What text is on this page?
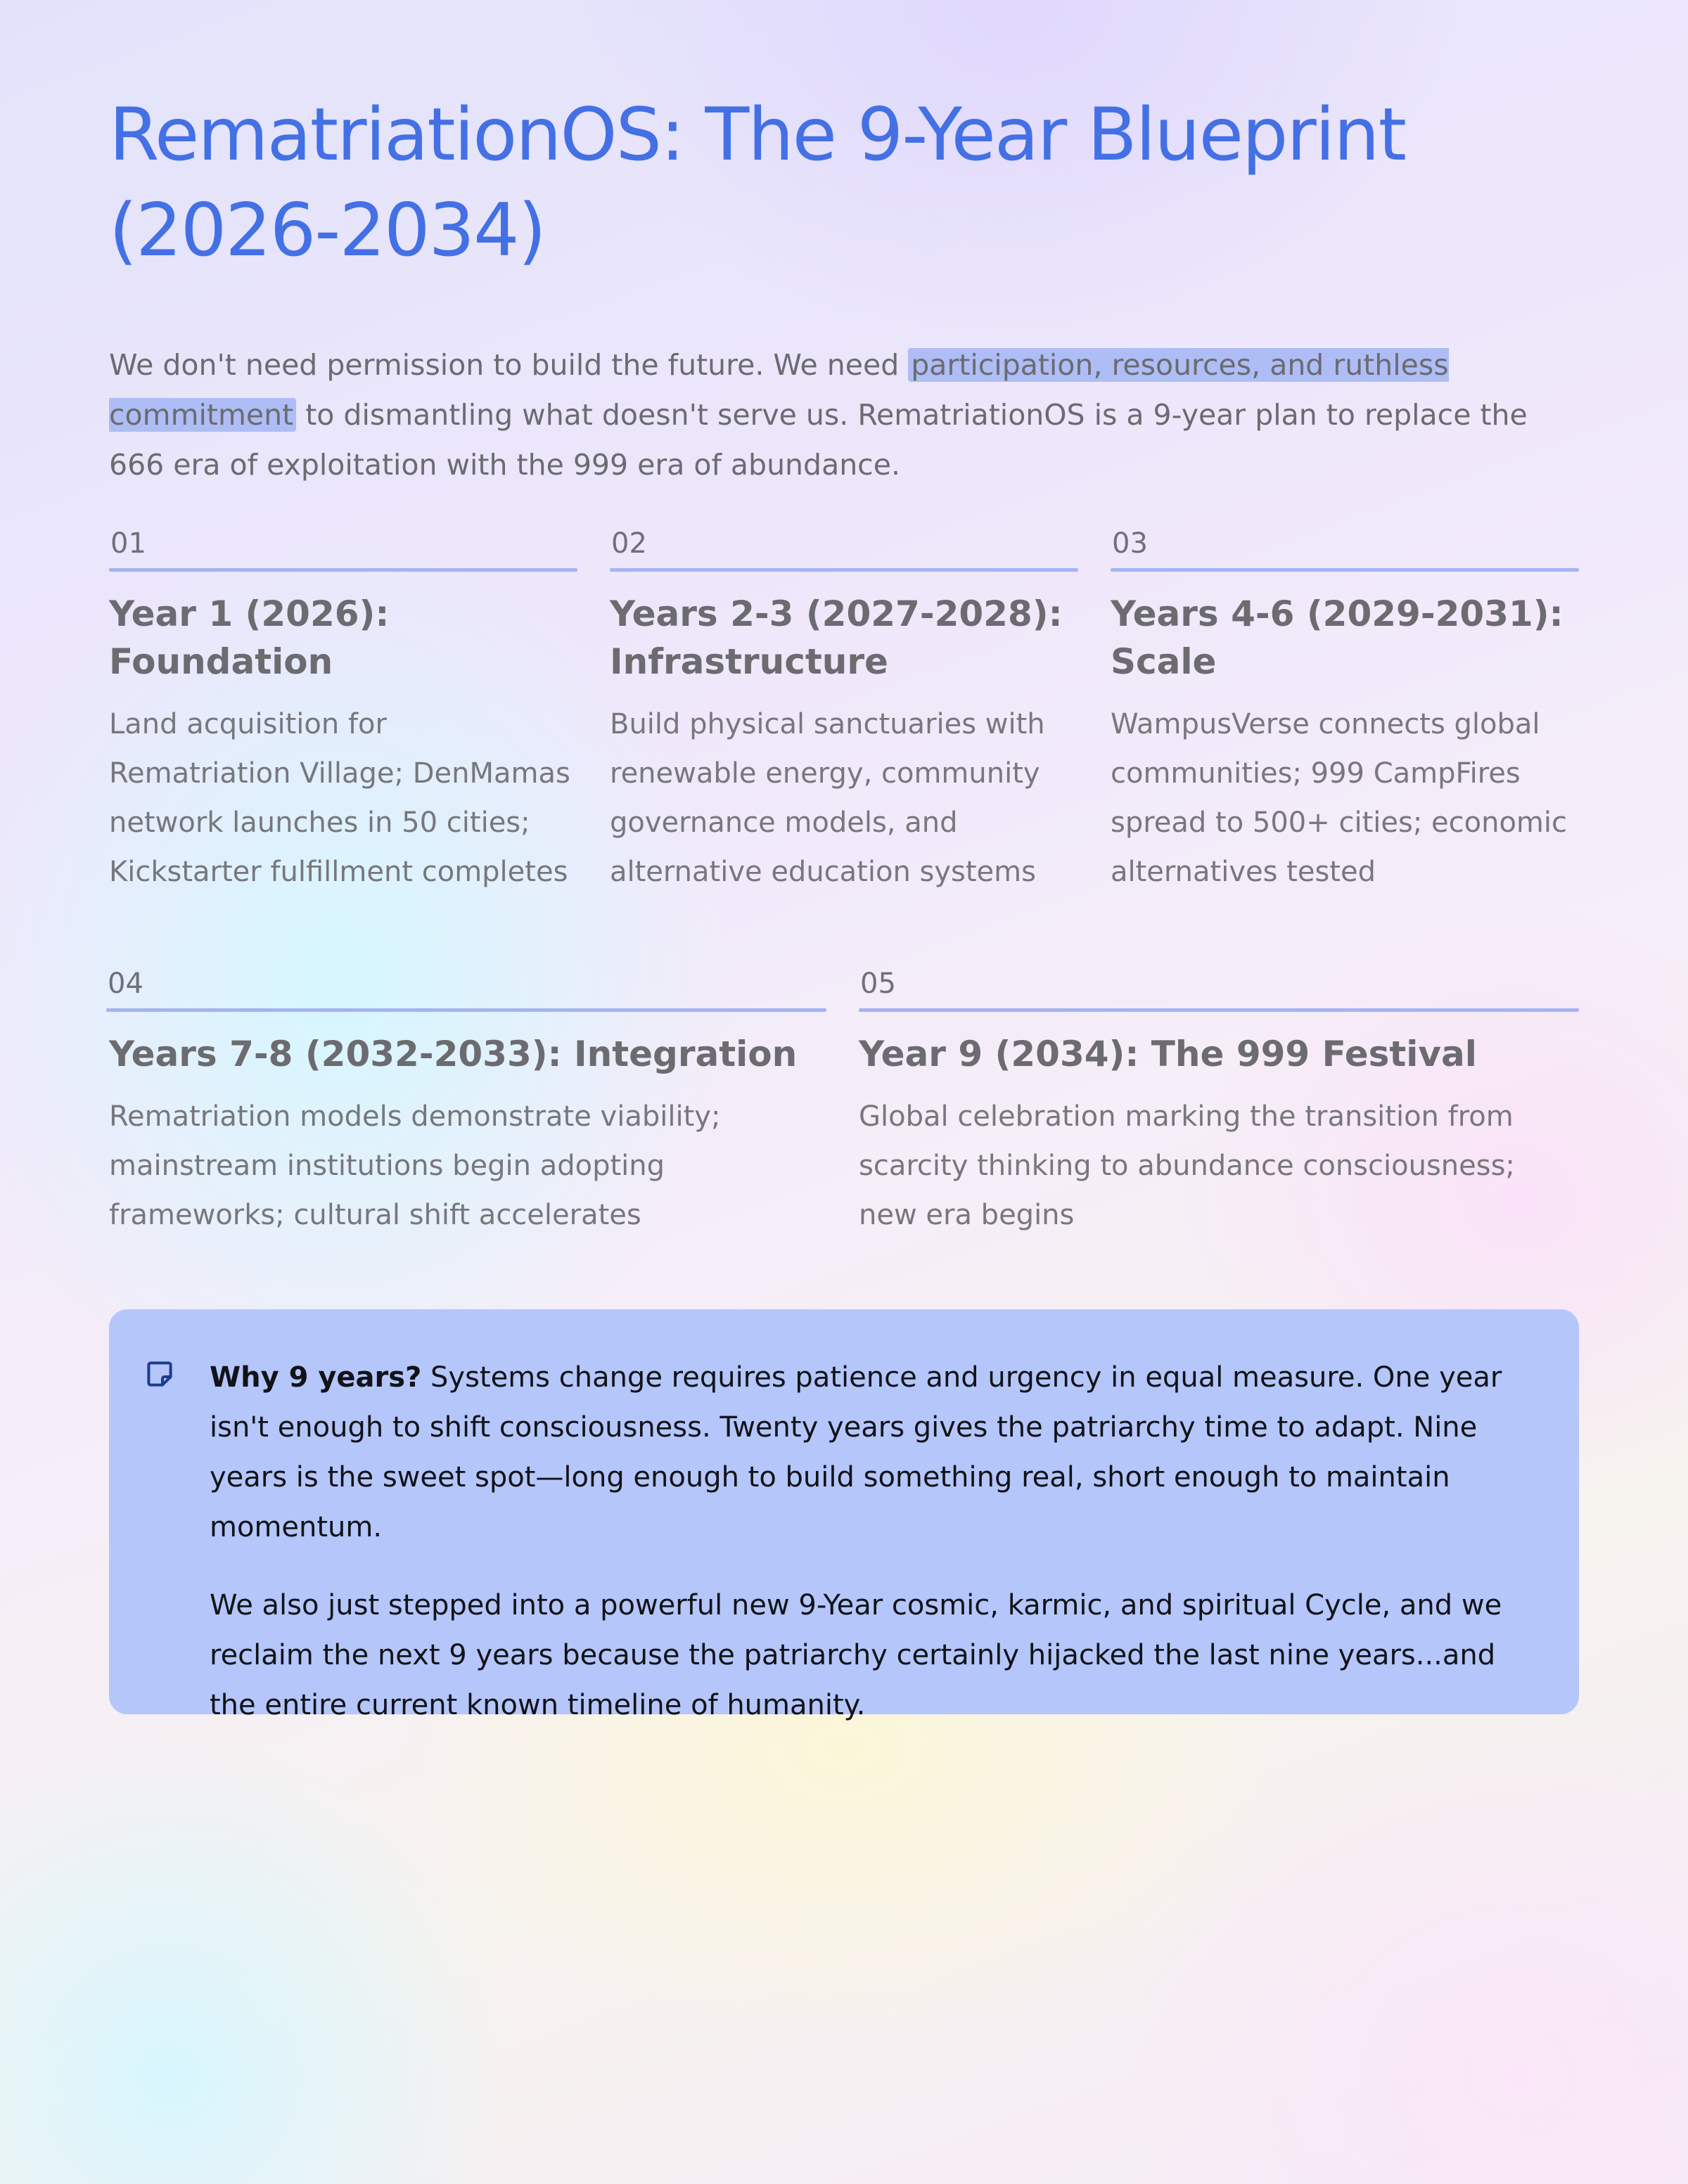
RematriationOS: The 9-Year Blueprint (2026-2034)
We don't need permission to build the future. We need participation, resources, and ruthless commitment to dismantling what doesn't serve us. RematriationOS is a 9-year plan to replace the 666 era of exploitation with the 999 era of abundance.
01
Year 1 (2026): Foundation
Land acquisition for Rematriation Village; DenMamas network launches in 50 cities; Kickstarter fulfillment completes
02
Years 2-3 (2027-2028): Infrastructure
Build physical sanctuaries with renewable energy, community governance models, and alternative education systems
03
Years 4-6 (2029-2031): Scale
WampusVerse connects global communities; 999 CampFires spread to 500+ cities; economic alternatives tested
04
Years 7-8 (2032-2033): Integration
Rematriation models demonstrate viability; mainstream institutions begin adopting frameworks; cultural shift accelerates
05
Year 9 (2034): The 999 Festival
Global celebration marking the transition from scarcity thinking to abundance consciousness; new era begins

Why 9 years? Systems change requires patience and urgency in equal measure. One year isn't enough to shift consciousness. Twenty years gives the patriarchy time to adapt. Nine years is the sweet spot—long enough to build something real, short enough to maintain momentum.

We also just stepped into a powerful new 9-Year cosmic, karmic, and spiritual Cycle, and we reclaim the next 9 years because the patriarchy certainly hijacked the last nine years...and the entire current known timeline of humanity.
